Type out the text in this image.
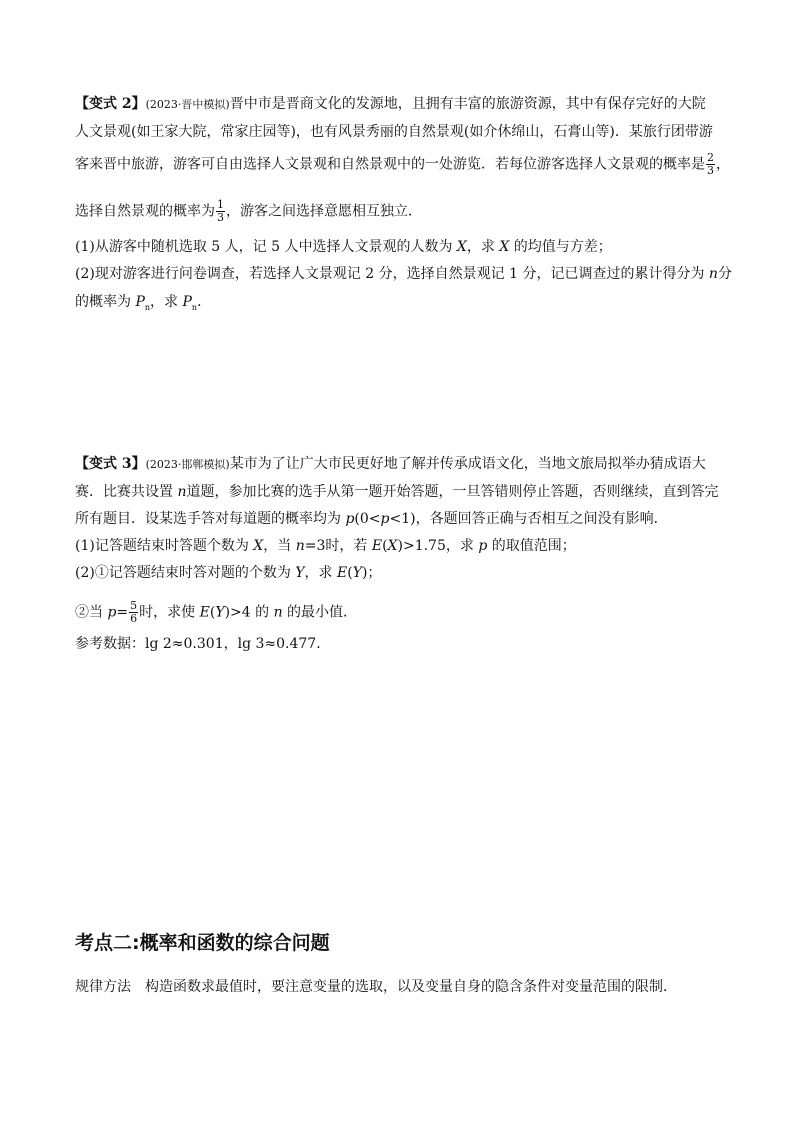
【变式 2】(2023·晋中模拟)晋中市是晋商文化的发源地，且拥有丰富的旅游资源，其中有保存完好的大院
人文景观(如王家大院，常家庄园等)，也有风景秀丽的自然景观(如介休绵山，石膏山等)．某旅行团带游
客来晋中旅游，游客可自由选择人文景观和自然景观中的一处游览．若每位游客选择人文景观的概率是 $\frac{2}{3}$ ，
选择自然景观的概率为 $\frac{1}{3}$ ，游客之间选择意愿相互独立．
(1)从游客中随机选取 5 人，记 5 人中选择人文景观的人数为 X，求 X 的均值与方差；
(2)现对游客进行问卷调查，若选择人文景观记 2 分，选择自然景观记 1 分，记已调查过的累计得分为 n分
的概率为 $P_n$，求 $P_n$．
【变式 3】(2023·邯郸模拟)某市为了让广大市民更好地了解并传承成语文化，当地文旅局拟举办猜成语大
赛．比赛共设置 n道题，参加比赛的选手从第一题开始答题，一旦答错则停止答题，否则继续，直到答完
所有题目．设某选手答对每道题的概率均为 p(0<p<1)，各题回答正确与否相互之间没有影响．
(1)记答题结束时答题个数为 X，当 n=3时，若 E(X)>1.75，求 p 的取值范围；
(2)①记答题结束时答对题的个数为 Y，求 E(Y)；
②当 $p= \frac{5}{6}$ 时，求使 E(Y)>4 的 n 的最小值．
参考数据：lg 2≈0.301，lg 3≈0.477．
考点二:概率和函数的综合问题
规律方法　构造函数求最值时，要注意变量的选取，以及变量自身的隐含条件对变量范围的限制．
